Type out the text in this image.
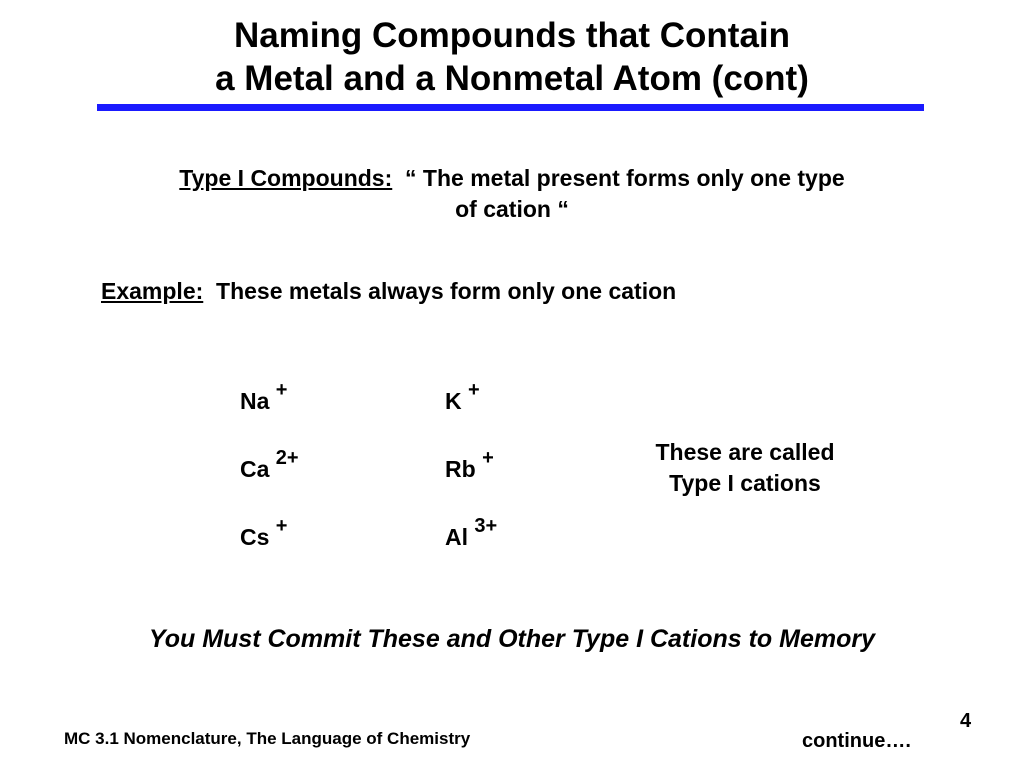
Naming Compounds that Contain
a Metal and a Nonmetal Atom (cont)
Type I Compounds: “ The metal present forms only one type
of cation “
Example: These metals always form only one cation
Na +	K +
Ca $^{2+}$	Rb +
Cs +	Al $^{3+}$
These are called
Type I cations
You Must Commit These and Other Type I Cations to Memory
MC 3.1 Nomenclature, The Language of Chemistry
4
continue….
